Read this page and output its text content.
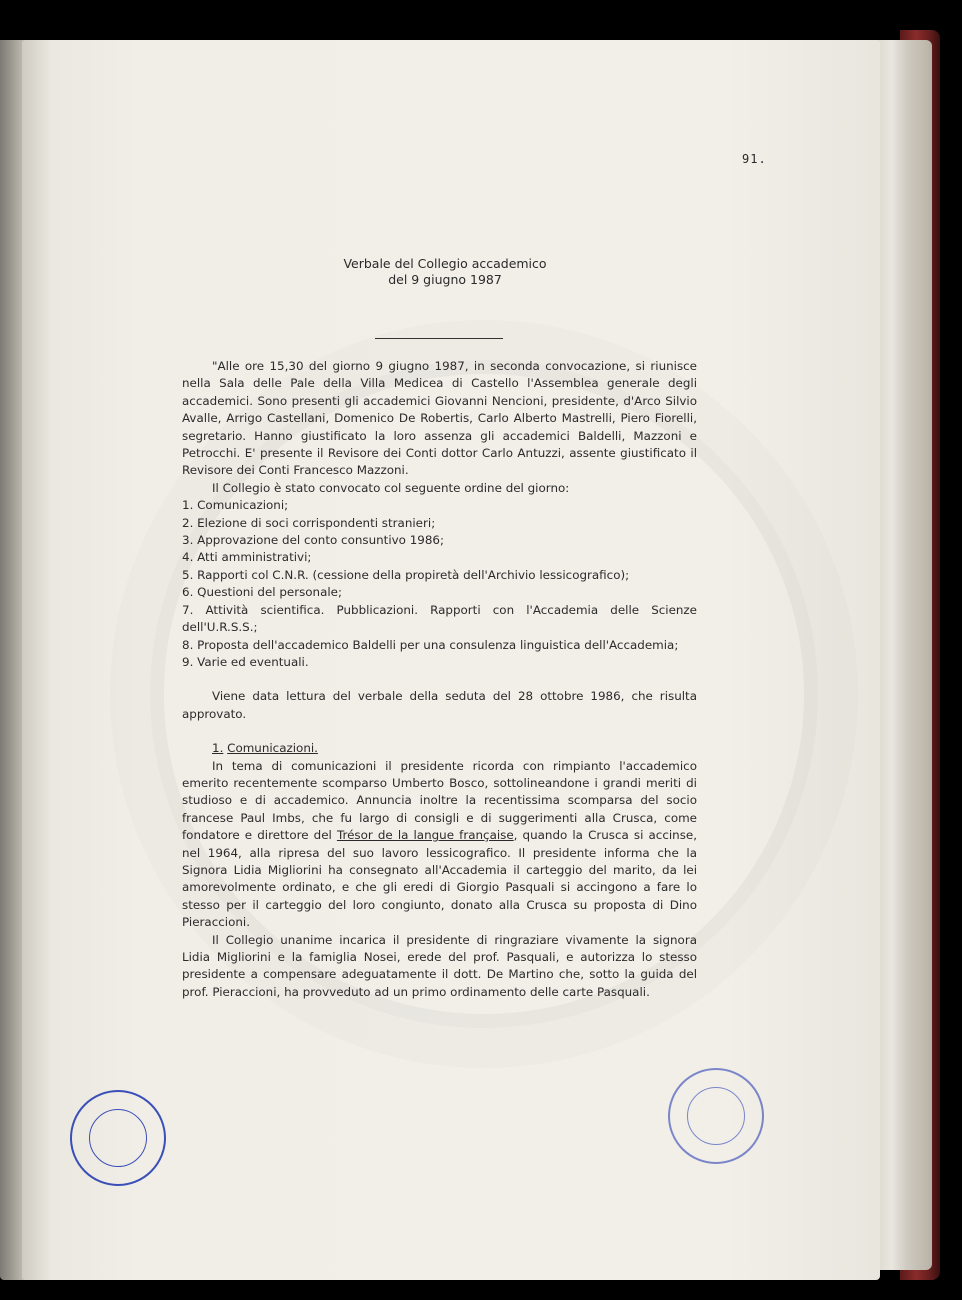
91.
Verbale del Collegio accademico
del 9 giugno 1987

"Alle ore 15,30 del giorno 9 giugno 1987, in seconda convocazione, si riunisce nella Sala delle Pale della Villa Medicea di Castello l'Assemblea generale degli accademici. Sono presenti gli accademici Giovanni Nencioni, presidente, d'Arco Silvio Avalle, Arrigo Castellani, Domenico De Robertis, Carlo Alberto Mastrelli, Piero Fiorelli, segretario. Hanno giustificato la loro assenza gli accademici Baldelli, Mazzoni e Petrocchi. E' presente il Revisore dei Conti dottor Carlo Antuzzi, assente giustificato il Revisore dei Conti Francesco Mazzoni.

Il Collegio è stato convocato col seguente ordine del giorno:

1. Comunicazioni;

2. Elezione di soci corrispondenti stranieri;

3. Approvazione del conto consuntivo 1986;

4. Atti amministrativi;

5. Rapporti col C.N.R. (cessione della propiretà dell'Archivio lessicografico);

6. Questioni del personale;

7. Attività scientifica. Pubblicazioni. Rapporti con l'Accademia delle Scienze dell'U.R.S.S.;

8. Proposta dell'accademico Baldelli per una consulenza linguistica dell'Accademia;

9. Varie ed eventuali.

Viene data lettura del verbale della seduta del 28 ottobre 1986, che risulta approvato.

1. Comunicazioni.

In tema di comunicazioni il presidente ricorda con rimpianto l'accademico emerito recentemente scomparso Umberto Bosco, sottolineandone i grandi meriti di studioso e di accademico. Annuncia inoltre la recentissima scomparsa del socio francese Paul Imbs, che fu largo di consigli e di suggerimenti alla Crusca, come fondatore e direttore del Trésor de la langue française, quando la Crusca si accinse, nel 1964, alla ripresa del suo lavoro lessicografico. Il presidente informa che la Signora Lidia Migliorini ha consegnato all'Accademia il carteggio del marito, da lei amorevolmente ordinato, e che gli eredi di Giorgio Pasquali si accingono a fare lo stesso per il carteggio del loro congiunto, donato alla Crusca su proposta di Dino Pieraccioni.

Il Collegio unanime incarica il presidente di ringraziare vivamente la signora Lidia Migliorini e la famiglia Nosei, erede del prof. Pasquali, e autorizza lo stesso presidente a compensare adeguatamente il dott. De Martino che, sotto la guida del prof. Pieraccioni, ha provveduto ad un primo ordinamento delle carte Pasquali.
